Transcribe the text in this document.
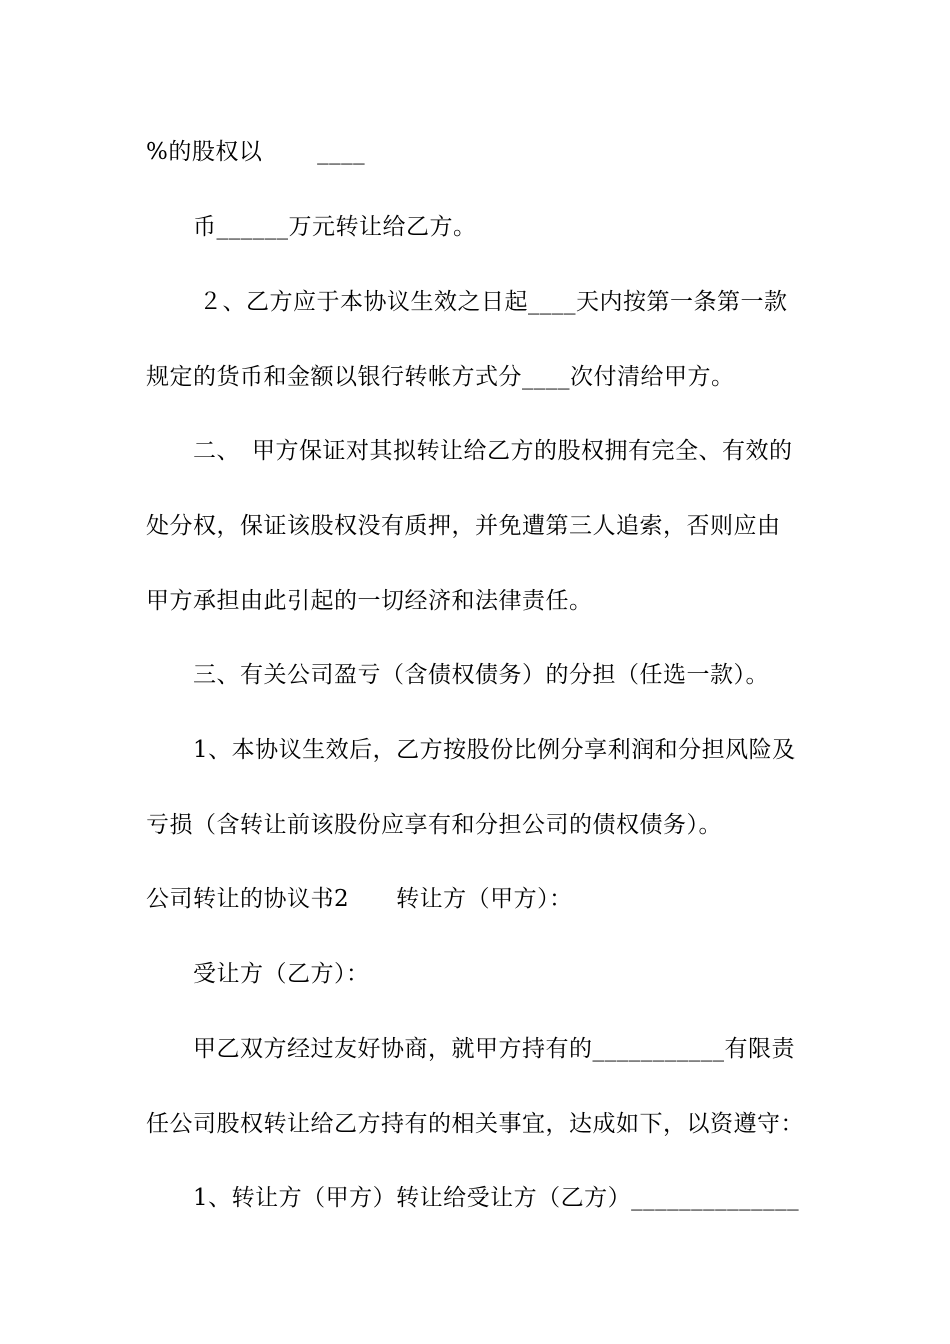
%的股权以 　　____
币______万元转让给乙方。
２、乙方应于本协议生效之日起____天内按第一条第一款
规定的货币和金额以银行转帐方式分____次付清给甲方。
二、　甲方保证对其拟转让给乙方的股权拥有完全、有效的
处分权，保证该股权没有质押，并免遭第三人追索，否则应由
甲方承担由此引起的一切经济和法律责任。
三、有关公司盈亏（含债权债务）的分担（任选一款）。
1、本协议生效后，乙方按股份比例分享利润和分担风险及
亏损（含转让前该股份应享有和分担公司的债权债务）。
公司转让的协议书2　　转让方（甲方）：
受让方（乙方）：
甲乙双方经过友好协商，就甲方持有的___________有限责
任公司股权转让给乙方持有的相关事宜，达成如下，以资遵守：
1、转让方（甲方）转让给受让方（乙方）______________
